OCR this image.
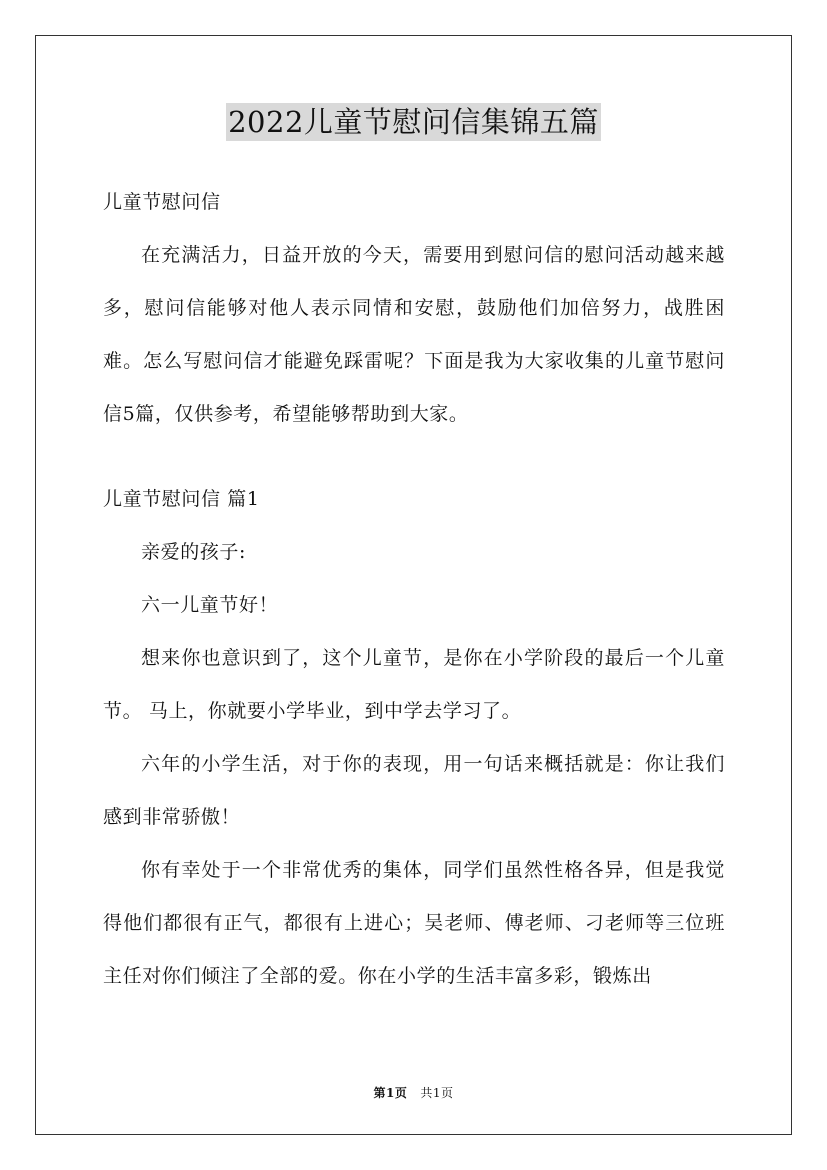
2022儿童节慰问信集锦五篇

儿童节慰问信

在充满活力，日益开放的今天，需要用到慰问信的慰问活动越来越多，慰问信能够对他人表示同情和安慰，鼓励他们加倍努力，战胜困难。怎么写慰问信才能避免踩雷呢？下面是我为大家收集的儿童节慰问信5篇，仅供参考，希望能够帮助到大家。

儿童节慰问信 篇1

亲爱的孩子:

六一儿童节好！

想来你也意识到了，这个儿童节，是你在小学阶段的最后一个儿童节。 马上，你就要小学毕业，到中学去学习了。

六年的小学生活，对于你的表现，用一句话来概括就是：你让我们感到非常骄傲！

你有幸处于一个非常优秀的集体，同学们虽然性格各异，但是我觉得他们都很有正气，都很有上进心；吴老师、傅老师、刁老师等三位班主任对你们倾注了全部的爱。你在小学的生活丰富多彩，锻炼出

第1页 共1页
